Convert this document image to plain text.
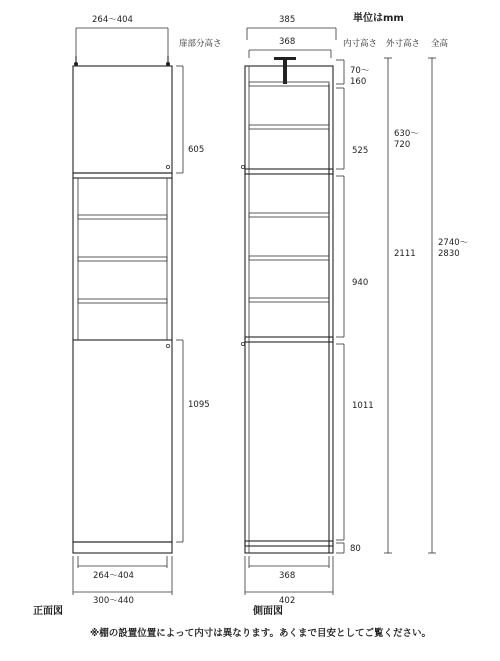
単位はmm
扉部分高さ	内寸高さ 外寸高さ 全高
264〜404
605
1095
264〜404
300〜440
正面図
385
368
70〜 160
525
940
1011
80
630〜 720
2111
2740〜 2830
368
402
側面図
※棚の設置位置によって内寸は異なります。あくまで目安としてご覧ください。
